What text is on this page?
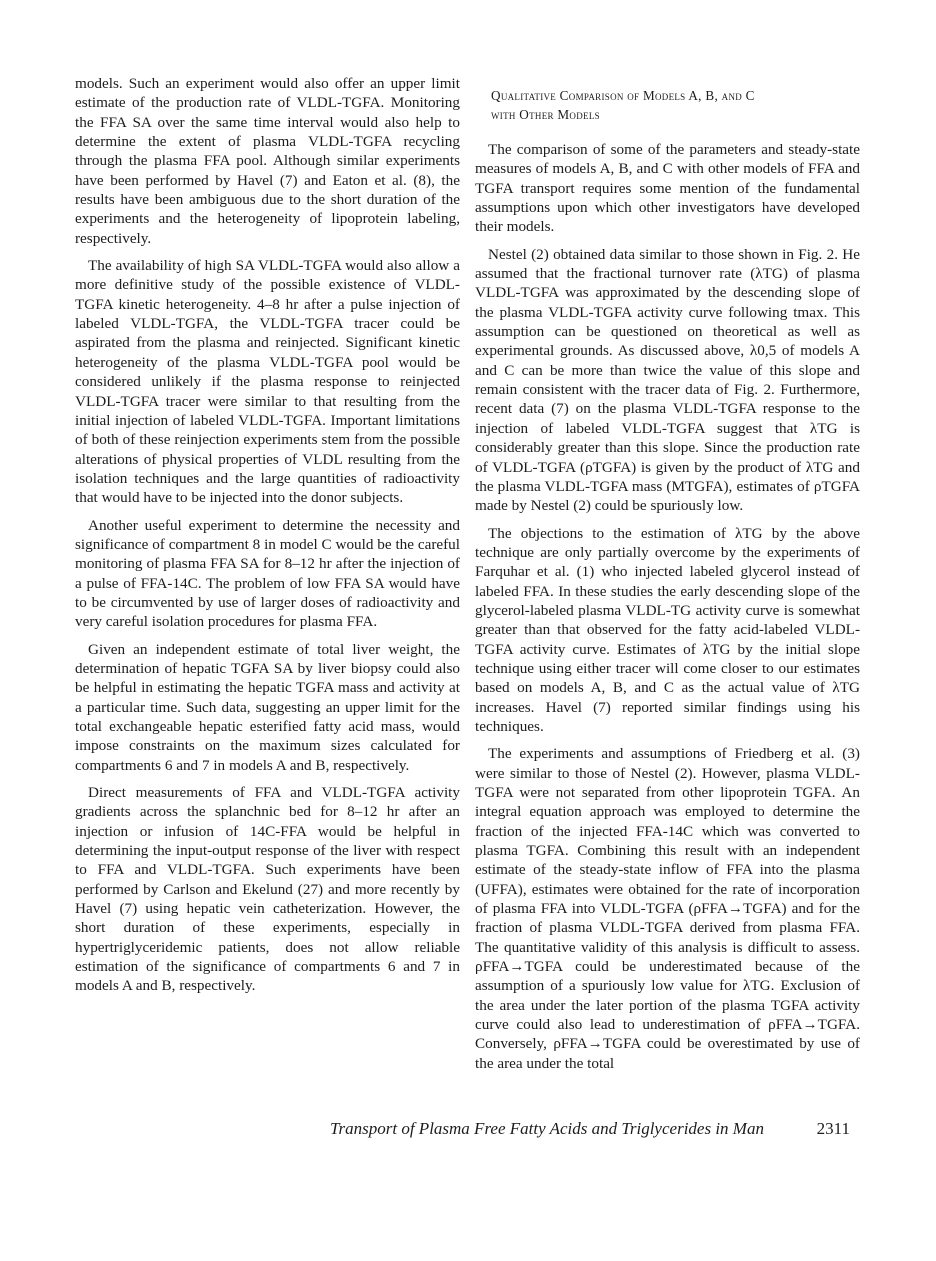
models. Such an experiment would also offer an upper limit estimate of the production rate of VLDL-TGFA. Monitoring the FFA SA over the same time interval would also help to determine the extent of plasma VLDL-TGFA recycling through the plasma FFA pool. Although similar experiments have been performed by Havel (7) and Eaton et al. (8), the results have been ambiguous due to the short duration of the experiments and the heterogeneity of lipoprotein labeling, respectively.

The availability of high SA VLDL-TGFA would also allow a more definitive study of the possible existence of VLDL-TGFA kinetic heterogeneity. 4–8 hr after a pulse injection of labeled VLDL-TGFA, the VLDL-TGFA tracer could be aspirated from the plasma and reinjected. Significant kinetic heterogeneity of the plasma VLDL-TGFA pool would be considered unlikely if the plasma response to reinjected VLDL-TGFA tracer were similar to that resulting from the initial injection of labeled VLDL-TGFA. Important limitations of both of these reinjection experiments stem from the possible alterations of physical properties of VLDL resulting from the isolation techniques and the large quantities of radioactivity that would have to be injected into the donor subjects.

Another useful experiment to determine the necessity and significance of compartment 8 in model C would be the careful monitoring of plasma FFA SA for 8–12 hr after the injection of a pulse of FFA-14C. The problem of low FFA SA would have to be circumvented by use of larger doses of radioactivity and very careful isolation procedures for plasma FFA.

Given an independent estimate of total liver weight, the determination of hepatic TGFA SA by liver biopsy could also be helpful in estimating the hepatic TGFA mass and activity at a particular time. Such data, suggesting an upper limit for the total exchangeable hepatic esterified fatty acid mass, would impose constraints on the maximum sizes calculated for compartments 6 and 7 in models A and B, respectively.

Direct measurements of FFA and VLDL-TGFA activity gradients across the splanchnic bed for 8–12 hr after an injection or infusion of 14C-FFA would be helpful in determining the input-output response of the liver with respect to FFA and VLDL-TGFA. Such experiments have been performed by Carlson and Ekelund (27) and more recently by Havel (7) using hepatic vein catheterization. However, the short duration of these experiments, especially in hypertriglyceridemic patients, does not allow reliable estimation of the significance of compartments 6 and 7 in models A and B, respectively.

Qualitative Comparison of Models A, B, and C
with Other Models

The comparison of some of the parameters and steady-state measures of models A, B, and C with other models of FFA and TGFA transport requires some mention of the fundamental assumptions upon which other investigators have developed their models.

Nestel (2) obtained data similar to those shown in Fig. 2. He assumed that the fractional turnover rate (λTG) of plasma VLDL-TGFA was approximated by the descending slope of the plasma VLDL-TGFA activity curve following tmax. This assumption can be questioned on theoretical as well as experimental grounds. As discussed above, λ0,5 of models A and C can be more than twice the value of this slope and remain consistent with the tracer data of Fig. 2. Furthermore, recent data (7) on the plasma VLDL-TGFA response to the injection of labeled VLDL-TGFA suggest that λTG is considerably greater than this slope. Since the production rate of VLDL-TGFA (ρTGFA) is given by the product of λTG and the plasma VLDL-TGFA mass (MTGFA), estimates of ρTGFA made by Nestel (2) could be spuriously low.

The objections to the estimation of λTG by the above technique are only partially overcome by the experiments of Farquhar et al. (1) who injected labeled glycerol instead of labeled FFA. In these studies the early descending slope of the glycerol-labeled plasma VLDL-TG activity curve is somewhat greater than that observed for the fatty acid-labeled VLDL-TGFA activity curve. Estimates of λTG by the initial slope technique using either tracer will come closer to our estimates based on models A, B, and C as the actual value of λTG increases. Havel (7) reported similar findings using his techniques.

The experiments and assumptions of Friedberg et al. (3) were similar to those of Nestel (2). However, plasma VLDL-TGFA were not separated from other lipoprotein TGFA. An integral equation approach was employed to determine the fraction of the injected FFA-14C which was converted to plasma TGFA. Combining this result with an independent estimate of the steady-state inflow of FFA into the plasma (UFFA), estimates were obtained for the rate of incorporation of plasma FFA into VLDL-TGFA (ρFFA→TGFA) and for the fraction of plasma VLDL-TGFA derived from plasma FFA. The quantitative validity of this analysis is difficult to assess. ρFFA→TGFA could be underestimated because of the assumption of a spuriously low value for λTG. Exclusion of the area under the later portion of the plasma TGFA activity curve could also lead to underestimation of ρFFA→TGFA. Conversely, ρFFA→TGFA could be overestimated by use of the area under the total

Transport of Plasma Free Fatty Acids and Triglycerides in Man	2311
